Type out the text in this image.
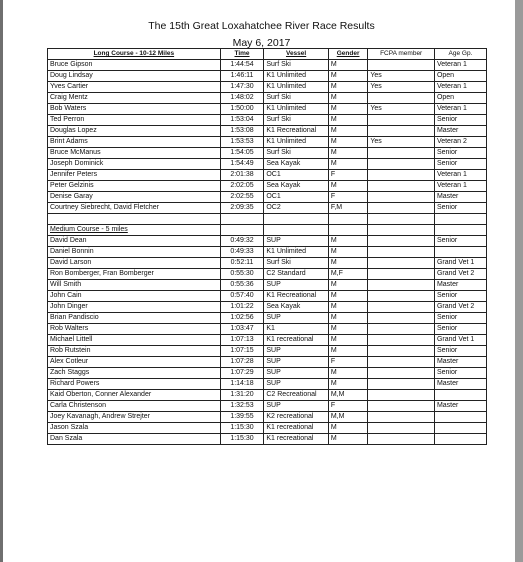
The 15th Great Loxahatchee River Race Results
May 6, 2017
Long Course - 10-12 Miles	Time	Vessel	Gender	FCPA member	Age Gp.
Bruce Gipson	1:44:54	Surf Ski	M		Veteran 1
Doug Lindsay	1:46:11	K1 Unlimited	M	Yes	Open
Yves Cartier	1:47:30	K1 Unlimited	M	Yes	Veteran 1
Craig Mentz	1:48:02	Surf Ski	M		Open
Bob Waters	1:50:00	K1 Unlimited	M	Yes	Veteran 1
Ted Perron	1:53:04	Surf Ski	M		Senior
Douglas Lopez	1:53:08	K1 Recreational	M		Master
Brint Adams	1:53:53	K1 Unlimited	M	Yes	Veteran 2
Bruce McManus	1:54:05	Surf Ski	M		Senior
Joseph Dominick	1:54:49	Sea Kayak	M		Senior
Jennifer Peters	2:01:38	OC1	F		Veteran 1
Peter Gelzinis	2:02:05	Sea Kayak	M		Veteran 1
Denise Garay	2:02:55	OC1	F		Master
Courtney Siebrecht, David Fletcher	2:09:35	OC2	F,M		Senior

Medium Course - 5 miles					
David Dean	0:49:32	SUP	M		Senior
Daniel Bonnin	0:49:33	K1 Unlimited	M		
David Larson	0:52:11	Surf Ski	M		Grand Vet 1
Ron Bomberger, Fran Bomberger	0:55:30	C2 Standard	M,F		Grand Vet 2
Will Smith	0:55:36	SUP	M		Master
John Cain	0:57:40	K1 Recreational	M		Senior
John Dinger	1:01:22	Sea Kayak	M		Grand Vet 2
Brian Pandiscio	1:02:56	SUP	M		Senior
Rob Walters	1:03:47	K1	M		Senior
Michael Littell	1:07:13	K1 recreational	M		Grand Vet 1
Rob Rutstein	1:07:15	SUP	M		Senior
Alex Cotleur	1:07:28	SUP	F		Master
Zach Staggs	1:07:29	SUP	M		Senior
Richard Powers	1:14:18	SUP	M		Master
Kaid Oberton, Conner Alexander	1:31:20	C2 Recreational	M,M		
Carla Christenson	1:32:53	SUP	F		Master
Joey Kavanagh, Andrew Strejter	1:39:55	K2 recreational	M,M		
Jason Szala	1:15:30	K1 recreational	M		
Dan Szala	1:15:30	K1 recreational	M		
